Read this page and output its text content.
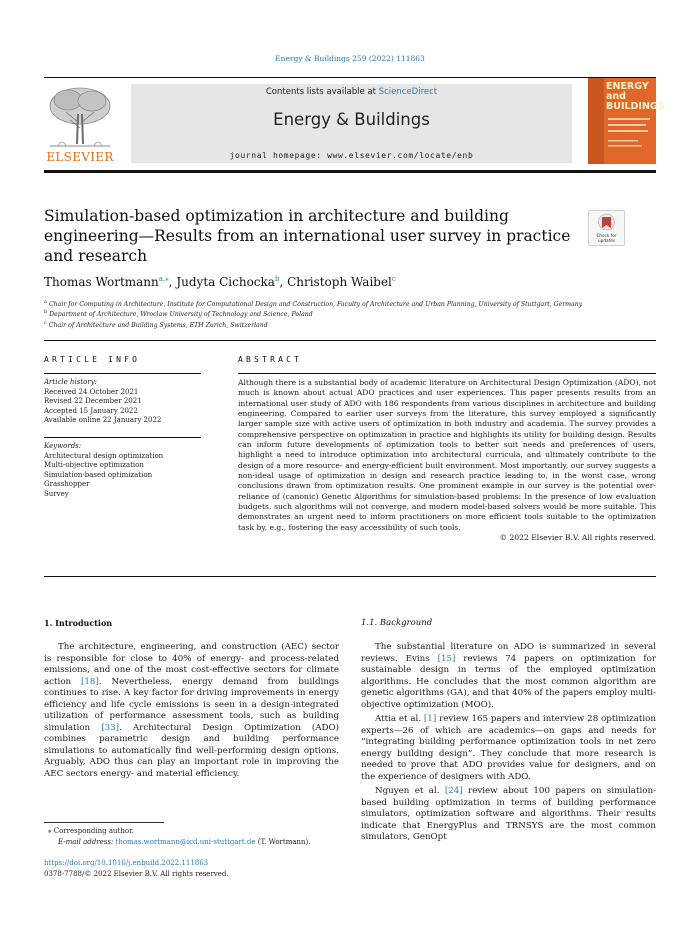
Energy & Buildings 259 (2022) 111863
ELSEVIER
Contents lists available at ScienceDirect
Energy & Buildings
journal homepage: www.elsevier.com/locate/enb
ENERGY and BUILDINGS
Simulation-based optimization in architecture and building engineering—Results from an international user survey in practice and research
Check for updates
Thomas Wortmann$^{a,⁎}$, Judyta Cichocka$^b$, Christoph Waibel$^c$
$^a$ Chair for Computing in Architecture, Institute for Computational Design and Construction, Faculty of Architecture and Urban Planning, University of Stuttgart, Germany
$^b$ Department of Architecture, Wroclaw University of Technology and Science, Poland
$^c$ Chair of Architecture and Building Systems, ETH Zurich, Switzerland
ARTICLE INFO
Article history:
Received 24 October 2021
Revised 22 December 2021
Accepted 15 January 2022
Available online 22 January 2022
Keywords:
Architectural design optimization
Multi-objective optimization
Simulation-based optimization
Grasshopper
Survey
ABSTRACT
Although there is a substantial body of academic literature on Architectural Design Optimization (ADO), not much is known about actual ADO practices and user experiences. This paper presents results from an international user study of ADO with 186 respondents from various disciplines in architecture and building engineering. Compared to earlier user surveys from the literature, this survey employed a significantly larger sample size with active users of optimization in both industry and academia. The survey provides a comprehensive perspective on optimization in practice and highlights its utility for building design. Results can inform future developments of optimization tools to better suit needs and preferences of users, highlight a need to introduce optimization into architectural curricula, and ultimately contribute to the design of a more resource- and energy-efficient built environment. Most importantly, our survey suggests a non-ideal usage of optimization in design and research practice leading to, in the worst case, wrong conclusions drawn from optimization results. One prominent example in our survey is the potential over-reliance of (canonic) Genetic Algorithms for simulation-based problems: In the presence of low evaluation budgets, such algorithms will not converge, and modern model-based solvers would be more suitable. This demonstrates an urgent need to inform practitioners on more efficient tools suitable to the optimization task by, e.g., fostering the easy accessibility of such tools.
© 2022 Elsevier B.V. All rights reserved.
1. Introduction

The architecture, engineering, and construction (AEC) sector is responsible for close to 40% of energy- and process-related emissions, and one of the most cost-effective sectors for climate action [18]. Nevertheless, energy demand from buildings continues to rise. A key factor for driving improvements in energy efficiency and life cycle emissions is seen in a design-integrated utilization of performance assessment tools, such as building simulation [33]. Architectural Design Optimization (ADO) combines parametric design and building performance simulations to automatically find well-performing design options. Arguably, ADO thus can play an important role in improving the AEC sectors energy- and material efficiency.

⁎ Corresponding author.
E-mail address: thomas.wortmann@icd.uni-stuttgart.de (T. Wortmann).
https://doi.org/10.1016/j.enbuild.2022.111863
0378-7788/© 2022 Elsevier B.V. All rights reserved.
1.1. Background

The substantial literature on ADO is summarized in several reviews. Evins [15] reviews 74 papers on optimization for sustainable design in terms of the employed optimization algorithms. He concludes that the most common algorithm are genetic algorithms (GA), and that 40% of the papers employ multi-objective optimization (MOO).

Attia et al. [1] review 165 papers and interview 28 optimization experts—26 of which are academics—on gaps and needs for “integrating building performance optimization tools in net zero energy building design”. They conclude that more research is needed to prove that ADO provides value for designers, and on the experience of designers with ADO.

Nguyen et al. [24] review about 100 papers on simulation-based building optimization in terms of building performance simulators, optimization software and algorithms. Their results indicate that EnergyPlus and TRNSYS are the most common simulators, GenOpt
